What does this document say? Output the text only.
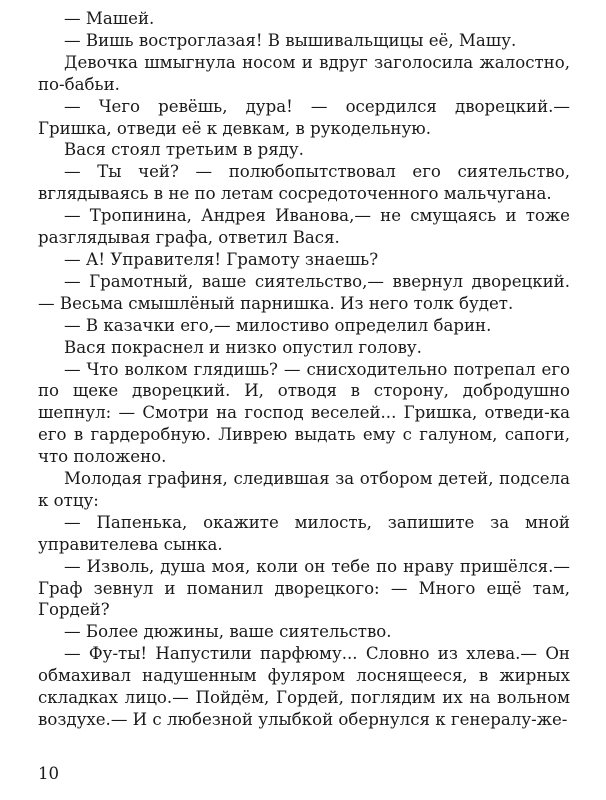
— Машей.

— Вишь вострoглазая! В вышивальщицы её, Машу.

Девочка шмыгнула носом и вдруг заголосила жалостно, по-бабьи.

— Чего ревёшь, дура! — осердился дворецкий.— Гришка, отведи её к девкам, в рукодельную.

Вася стоял третьим в ряду.

— Ты чей? — полюбопытствовал его сиятельство, вглядываясь в не по летам сосредоточенного мальчугана.

— Тропинина, Андрея Иванова,— не смущаясь и тоже разглядывая графа, ответил Вася.

— А! Управителя! Грамоту знаешь?

— Грамотный, ваше сиятельство,— ввернул дворецкий.— Весьма смышлёный парнишка. Из него толк будет.

— В казачки его,— милостиво определил барин.

Вася покраснел и низко опустил голову.

— Что волком глядишь? — снисходительно потрепал его по щеке дворецкий. И, отводя в сторону, добродушно шепнул: — Смотри на господ веселей... Гришка, отведи-ка его в гардеробную. Ливрею выдать ему с галуном, сапоги, что положено.

Молодая графиня, следившая за отбором детей, подсела к отцу:

— Папенька, окажите милость, запишите за мной управителева сынка.

— Изволь, душа моя, коли он тебе по нраву пришёлся.— Граф зевнул и поманил дворецкого: — Много ещё там, Гордей?

— Более дюжины, ваше сиятельство.

— Фу-ты! Напустили парфюму... Словно из хлева.— Он обмахивал надушенным фуляром лоснящееся, в жирных складках лицо.— Пойдём, Гордей, поглядим их на вольном воздухе.— И с любезной улыбкой обернулся к генералу-же-

10
